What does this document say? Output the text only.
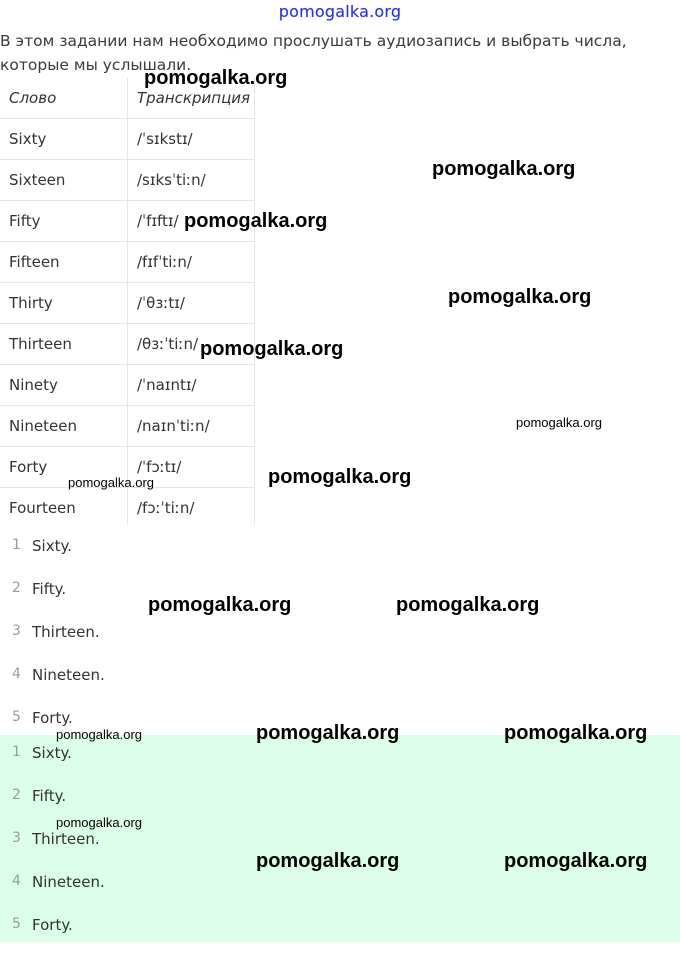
pomogalka.org
В этом задании нам необходимо прослушать аудиозапись и выбрать числа, которые мы услышали.
Слово	Транскрипция
Sixty	/ˈsɪkstɪ/
Sixteen	/sɪksˈtiːn/
Fifty	/ˈfɪftɪ/
Fifteen	/fɪfˈtiːn/
Thirty	/ˈθɜːtɪ/
Thirteen	/θɜːˈtiːn/
Ninety	/ˈnaɪntɪ/
Nineteen	/naɪnˈtiːn/
Forty	/ˈfɔːtɪ/
Fourteen	/fɔːˈtiːn/
1 Sixty.
2 Fifty.
3 Thirteen.
4 Nineteen.
5 Forty.
1 Sixty.
2 Fifty.
3 Thirteen.
4 Nineteen.
5 Forty.
pomogalka.org
pomogalka.org
pomogalka.org
pomogalka.org
pomogalka.org
pomogalka.org
pomogalka.org
pomogalka.org
pomogalka.org	pomogalka.org
pomogalka.org	pomogalka.org	pomogalka.org
pomogalka.org
pomogalka.org	pomogalka.org
